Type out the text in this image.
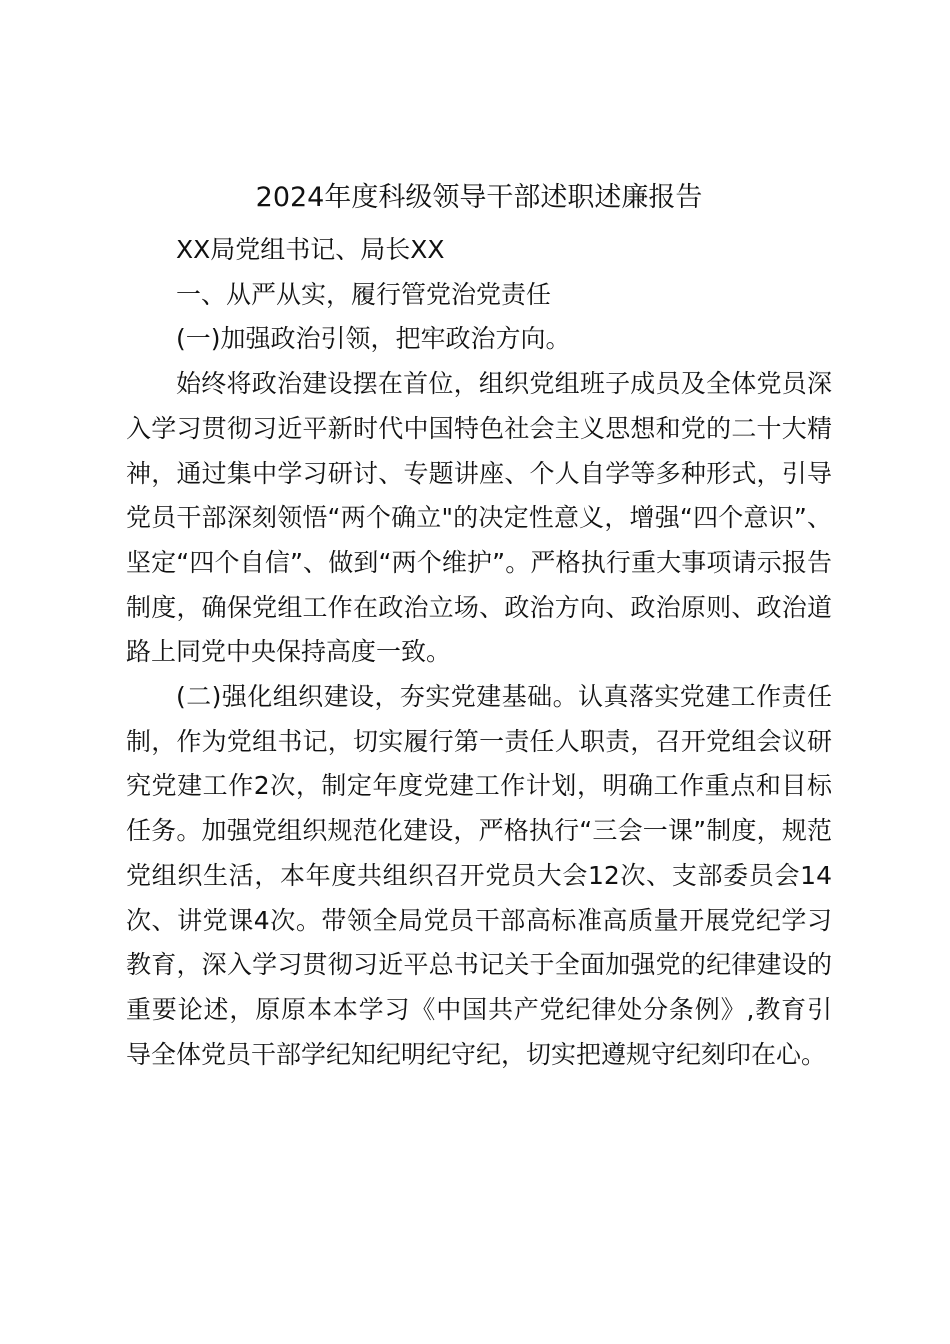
2024年度科级领导干部述职述廉报告

XX局党组书记、局长XX

一、从严从实，履行管党治党责任

(一)加强政治引领，把牢政治方向。

始终将政治建设摆在首位，组织党组班子成员及全体党员深入学习贯彻习近平新时代中国特色社会主义思想和党的二十大精神，通过集中学习研讨、专题讲座、个人自学等多种形式，引导党员干部深刻领悟“两个确立"的决定性意义，增强“四个意识”、坚定“四个自信”、做到“两个维护”。严格执行重大事项请示报告制度，确保党组工作在政治立场、政治方向、政治原则、政治道路上同党中央保持高度一致。

(二)强化组织建设，夯实党建基础。认真落实党建工作责任制，作为党组书记，切实履行第一责任人职责，召开党组会议研究党建工作2次，制定年度党建工作计划，明确工作重点和目标任务。加强党组织规范化建设，严格执行“三会一课”制度，规范党组织生活，本年度共组织召开党员大会12次、支部委员会14次、讲党课4次。带领全局党员干部高标准高质量开展党纪学习教育，深入学习贯彻习近平总书记关于全面加强党的纪律建设的重要论述，原原本本学习《中国共产党纪律处分条例》,教育引导全体党员干部学纪知纪明纪守纪，切实把遵规守纪刻印在心。
